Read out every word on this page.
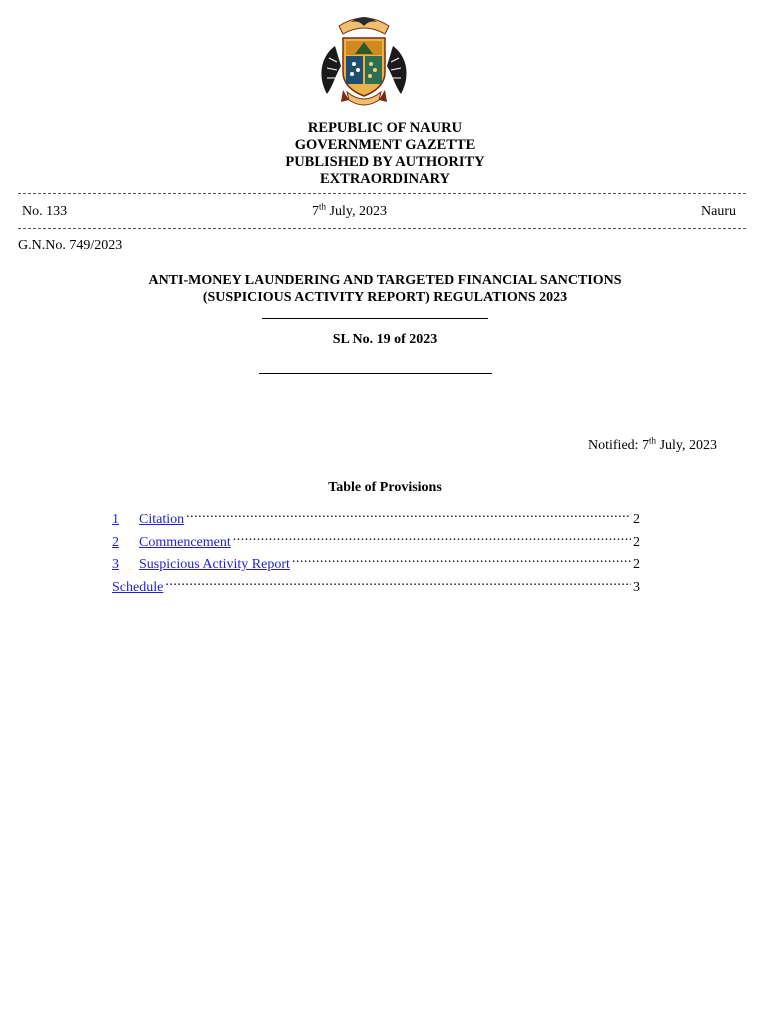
REPUBLIC OF NAURU
GOVERNMENT GAZETTE
PUBLISHED BY AUTHORITY
EXTRAORDINARY
No. 133	7th July, 2023	Nauru
G.N.No. 749/2023
ANTI-MONEY LAUNDERING AND TARGETED FINANCIAL SANCTIONS
(SUSPICIOUS ACTIVITY REPORT) REGULATIONS 2023
SL No. 19 of 2023
Notified: 7th July, 2023
Table of Provisions
1	Citation .....	2
2	Commencement .....	2
3	Suspicious Activity Report .....	2
Schedule .....	3
